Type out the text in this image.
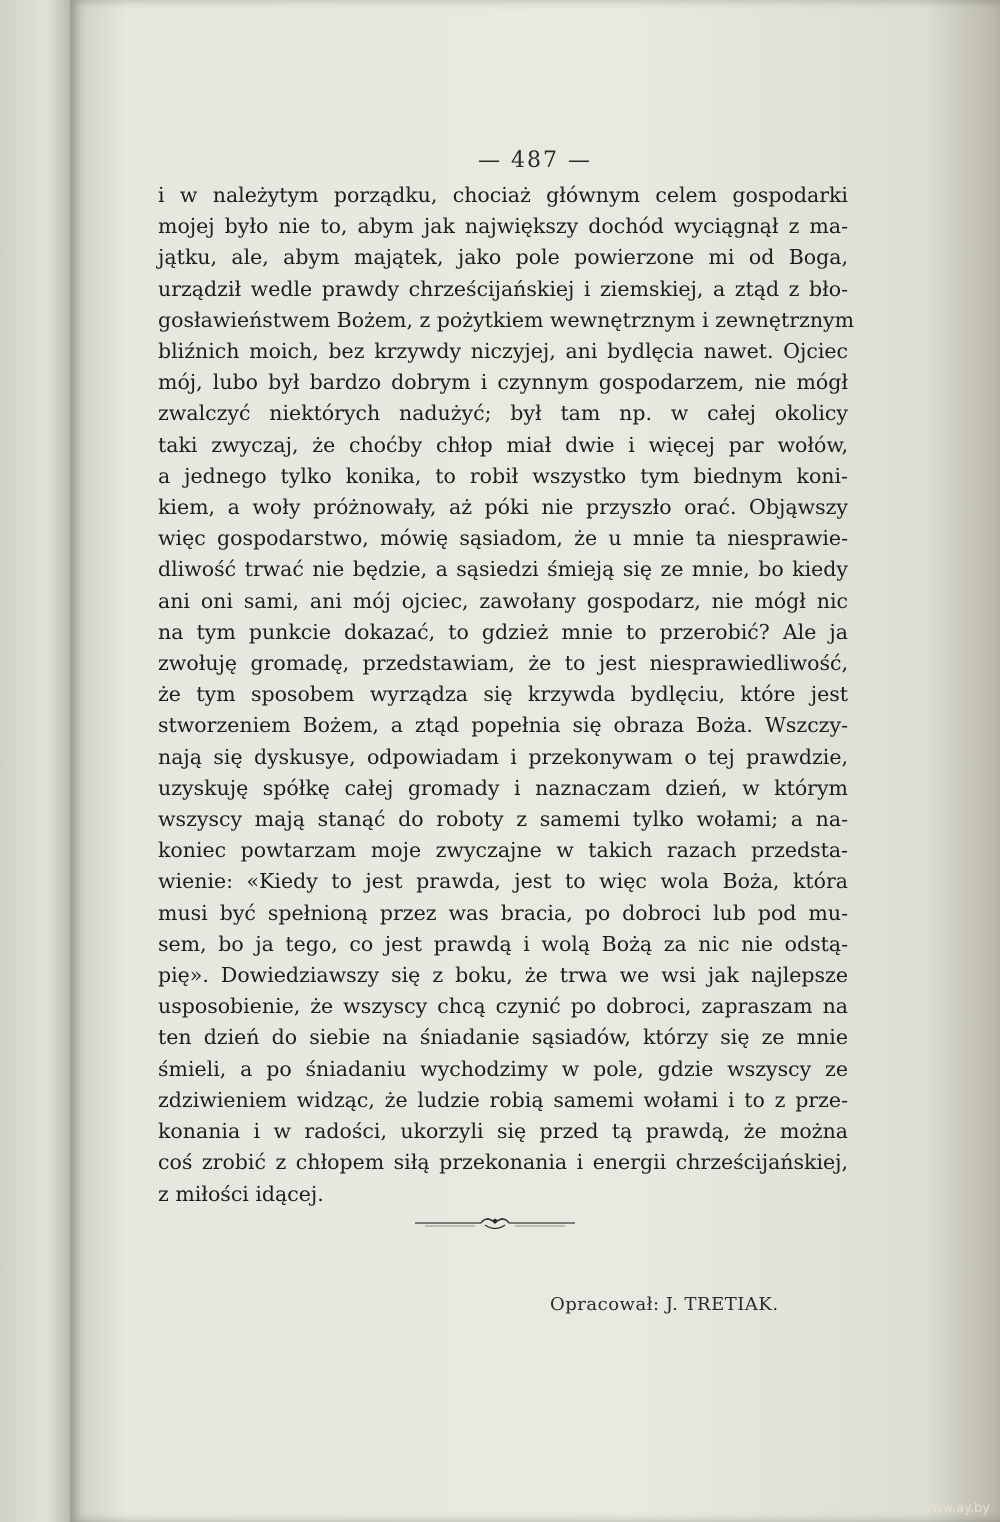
— 487 —
i w należytym porządku, chociaż głównym celem gospodarki
mojej było nie to, abym jak największy dochód wyciągnął z ma-
jątku, ale, abym majątek, jako pole powierzone mi od Boga,
urządził wedle prawdy chrześcijańskiej i ziemskiej, a ztąd z bło-
gosławieństwem Bożem, z pożytkiem wewnętrznym i zewnętrznym
bliźnich moich, bez krzywdy niczyjej, ani bydlęcia nawet. Ojciec
mój, lubo był bardzo dobrym i czynnym gospodarzem, nie mógł
zwalczyć niektórych nadużyć; był tam np. w całej okolicy
taki zwyczaj, że choćby chłop miał dwie i więcej par wołów,
a jednego tylko konika, to robił wszystko tym biednym koni-
kiem, a woły próżnowały, aż póki nie przyszło orać. Objąwszy
więc gospodarstwo, mówię sąsiadom, że u mnie ta niesprawie-
dliwość trwać nie będzie, a sąsiedzi śmieją się ze mnie, bo kiedy
ani oni sami, ani mój ojciec, zawołany gospodarz, nie mógł nic
na tym punkcie dokazać, to gdzież mnie to przerobić? Ale ja
zwołuję gromadę, przedstawiam, że to jest niesprawiedliwość,
że tym sposobem wyrządza się krzywda bydlęciu, które jest
stworzeniem Bożem, a ztąd popełnia się obraza Boża. Wszczy-
nają się dyskusye, odpowiadam i przekonywam o tej prawdzie,
uzyskuję spółkę całej gromady i naznaczam dzień, w którym
wszyscy mają stanąć do roboty z samemi tylko wołami; a na-
koniec powtarzam moje zwyczajne w takich razach przedsta-
wienie: «Kiedy to jest prawda, jest to więc wola Boża, która
musi być spełnioną przez was bracia, po dobroci lub pod mu-
sem, bo ja tego, co jest prawdą i wolą Bożą za nic nie odstą-
pię». Dowiedziawszy się z boku, że trwa we wsi jak najlepsze
usposobienie, że wszyscy chcą czynić po dobroci, zapraszam na
ten dzień do siebie na śniadanie sąsiadów, którzy się ze mnie
śmieli, a po śniadaniu wychodzimy w pole, gdzie wszyscy ze
zdziwieniem widząc, że ludzie robią samemi wołami i to z prze-
konania i w radości, ukorzyli się przed tą prawdą, że można
coś zrobić z chłopem siłą przekonania i energii chrześcijańskiej,
z miłości idącej.
Opracował: J. TRETIAK.
www.ay.by
